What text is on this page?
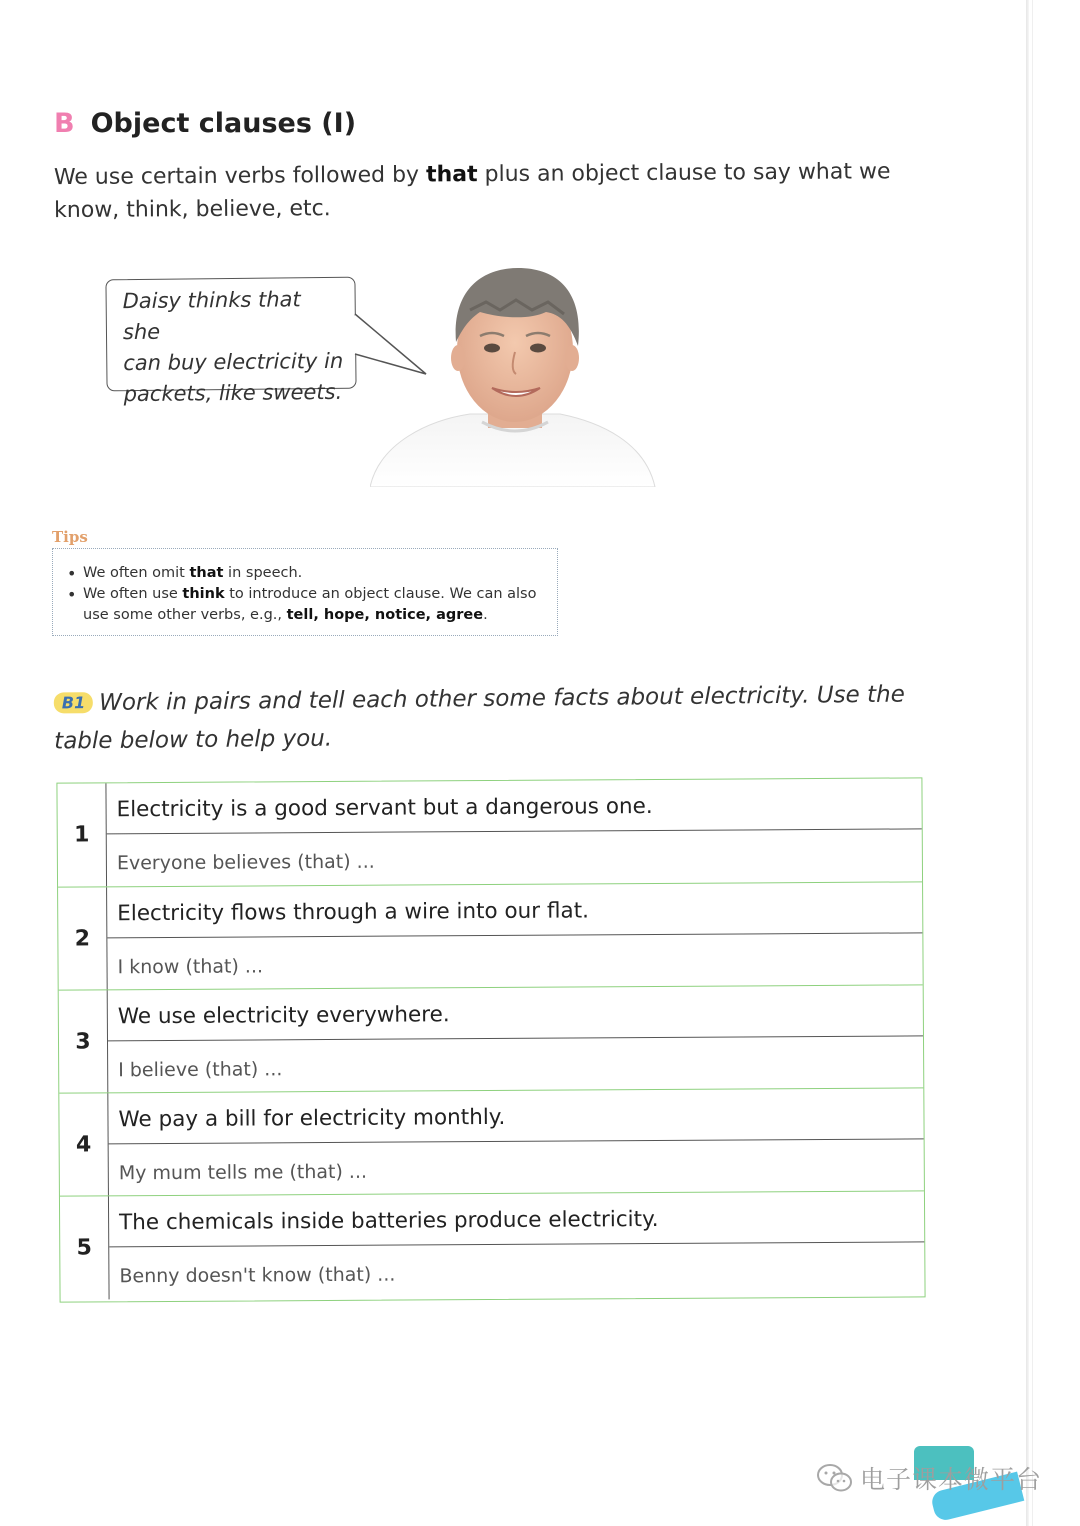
B Object clauses (I)
We use certain verbs followed by that plus an object clause to say what we know, think, believe, etc.
Daisy thinks that she
can buy electricity in
packets, like sweets.
Tips
• We often omit that in speech.
• We often use think to introduce an object clause. We can also use some other verbs, e.g., tell, hope, notice, agree.
B1 Work in pairs and tell each other some facts about electricity. Use the table below to help you.
1
Electricity is a good servant but a dangerous one.
Everyone believes (that) ...
2
Electricity flows through a wire into our flat.
I know (that) ...
3
We use electricity everywhere.
I believe (that) ...
4
We pay a bill for electricity monthly.
My mum tells me (that) ...
5
The chemicals inside batteries produce electricity.
Benny doesn't know (that) ...
电子课本微平台
